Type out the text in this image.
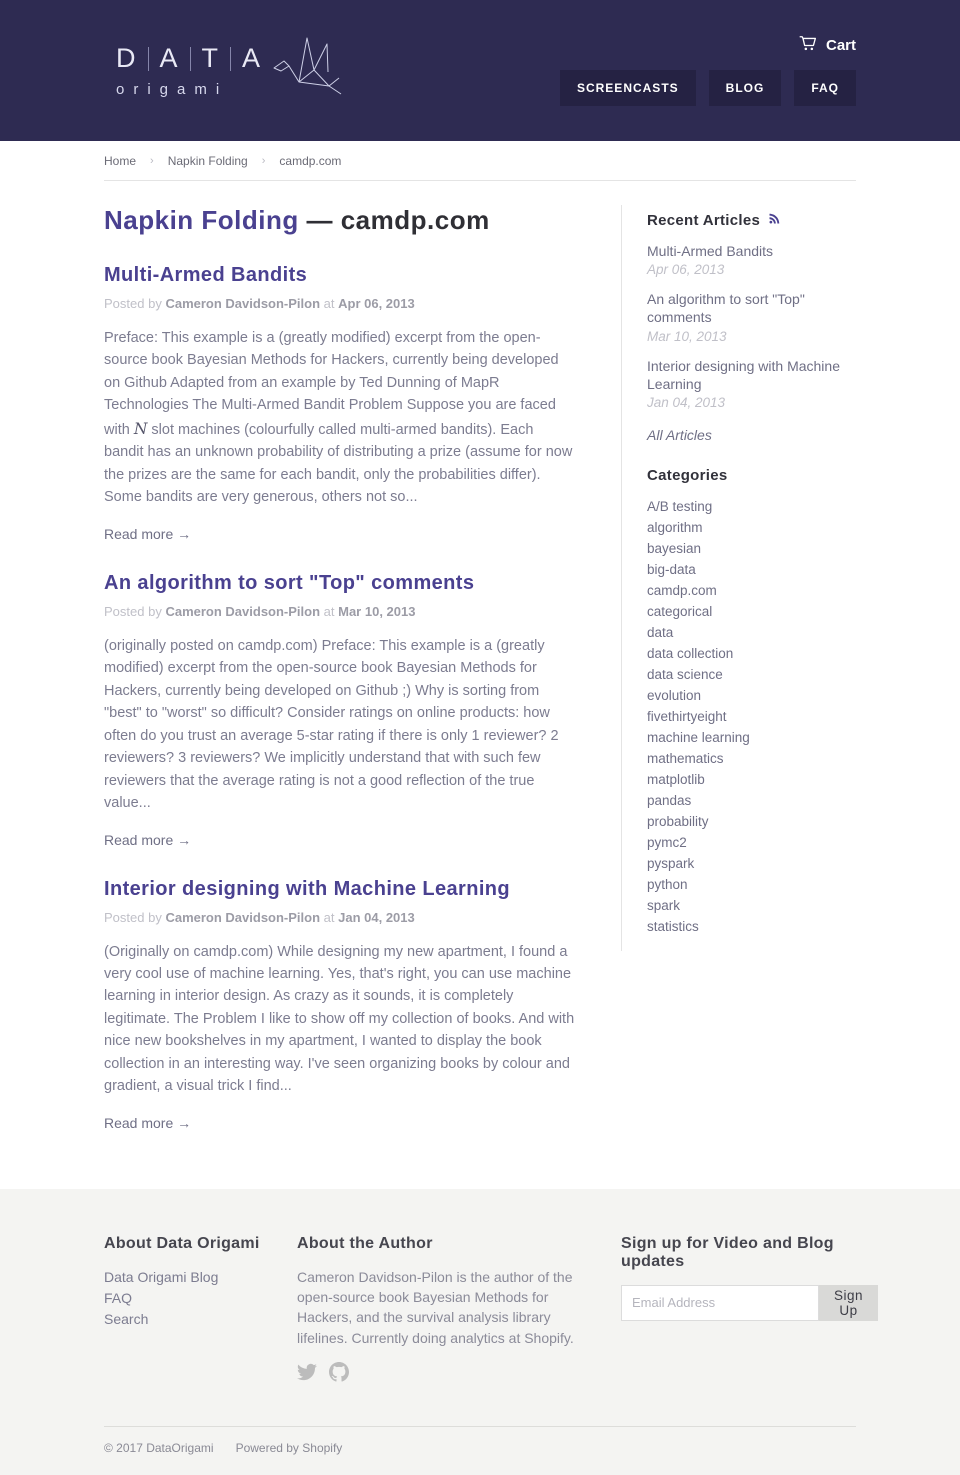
D A T A
origami
Cart
SCREENCASTS	BLOG	FAQ
Home › Napkin Folding › camdp.com
Napkin Folding — camdp.com
Multi-Armed Bandits
Posted by Cameron Davidson-Pilon at Apr 06, 2013

Preface: This example is a (greatly modified) excerpt from the open-source book Bayesian Methods for Hackers, currently being developed on Github Adapted from an example by Ted Dunning of MapR Technologies The Multi-Armed Bandit Problem Suppose you are faced with N slot machines (colourfully called multi-armed bandits). Each bandit has an unknown probability of distributing a prize (assume for now the prizes are the same for each bandit, only the probabilities differ). Some bandits are very generous, others not so...

Read more →
An algorithm to sort "Top" comments
Posted by Cameron Davidson-Pilon at Mar 10, 2013

(originally posted on camdp.com) Preface: This example is a (greatly modified) excerpt from the open-source book Bayesian Methods for Hackers, currently being developed on Github ;) Why is sorting from "best" to "worst" so difficult? Consider ratings on online products: how often do you trust an average 5-star rating if there is only 1 reviewer? 2 reviewers? 3 reviewers? We implicitly understand that with such few reviewers that the average rating is not a good reflection of the true value...

Read more →
Interior designing with Machine Learning
Posted by Cameron Davidson-Pilon at Jan 04, 2013

(Originally on camdp.com) While designing my new apartment, I found a very cool use of machine learning. Yes, that's right, you can use machine learning in interior design. As crazy as it sounds, it is completely legitimate. The Problem I like to show off my collection of books. And with nice new bookshelves in my apartment, I wanted to display the book collection in an interesting way. I've seen organizing books by colour and gradient, a visual trick I find...

Read more →
Recent Articles
Multi-Armed Bandits
Apr 06, 2013
An algorithm to sort "Top" comments
Mar 10, 2013
Interior designing with Machine Learning
Jan 04, 2013
All Articles
Categories
A/B testing
algorithm
bayesian
big-data
camdp.com
categorical
data
data collection
data science
evolution
fivethirtyeight
machine learning
mathematics
matplotlib
pandas
probability
pymc2
pyspark
python
spark
statistics
About Data Origami
Data Origami Blog
FAQ
Search
About the Author

Cameron Davidson-Pilon is the author of the open-source book Bayesian Methods for Hackers, and the survival analysis library lifelines. Currently doing analytics at Shopify.

Sign up for Video and Blog updates
Email Address
Sign Up
© 2017 DataOrigami Powered by Shopify
